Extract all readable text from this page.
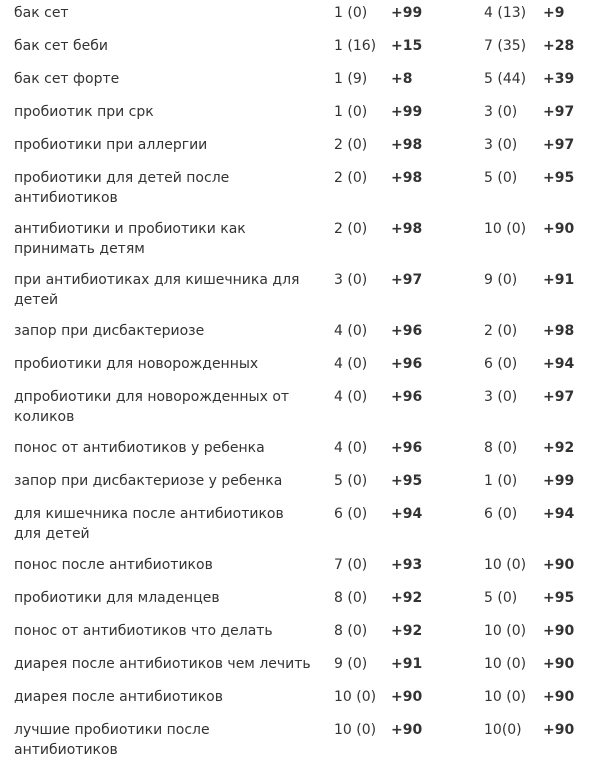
бак сет	1 (0) +99	4 (13) +9
бак сет беби	1 (16) +15	7 (35) +28
бак сет форте	1 (9) +8	5 (44) +39
пробиотик при срк	1 (0) +99	3 (0) +97
пробиотики при аллергии	2 (0) +98	3 (0) +97
пробиотики для детей после антибиотиков
2 (0) +98	5 (0) +95
антибиотики и пробиотики как принимать детям
2 (0) +98	10 (0) +90
при антибиотиках для кишечника для детей
3 (0) +97	9 (0) +91
запор при дисбактериозе	4 (0) +96	2 (0) +98
пробиотики для новорожденных	4 (0) +96	6 (0) +94
дпробиотики для новорожденных от коликов
4 (0) +96	3 (0) +97
понос от антибиотиков у ребенка	4 (0) +96	8 (0) +92
запор при дисбактериозе у ребенка	5 (0) +95	1 (0) +99
для кишечника после антибиотиков для детей
6 (0) +94	6 (0) +94
понос после антибиотиков	7 (0) +93	10 (0) +90
пробиотики для младенцев	8 (0) +92	5 (0) +95
понос от антибиотиков что делать	8 (0) +92	10 (0) +90
диарея после антибиотиков чем лечить 9 (0) +91	10 (0) +90
диарея после антибиотиков	10 (0) +90	10 (0) +90
лучшие пробиотики после антибиотиков
10 (0) +90	10(0) +90
